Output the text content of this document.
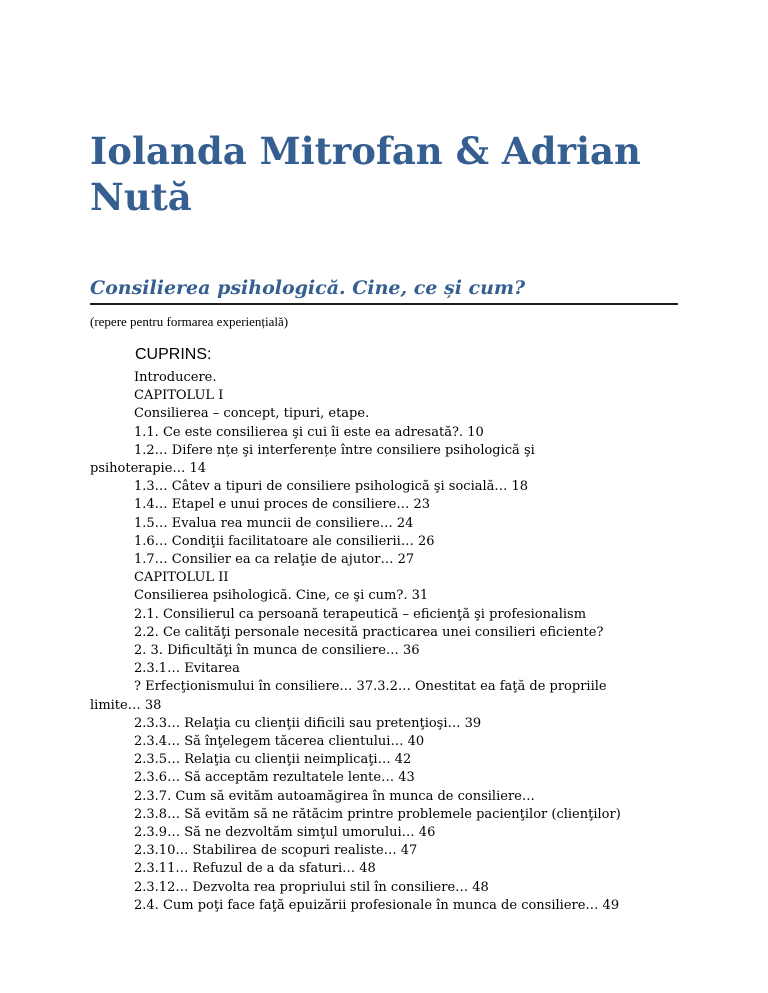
Iolanda Mitrofan & Adrian
Nută
Consilierea psihologică. Cine, ce și cum?
(repere pentru formarea experiențială)
CUPRINS:
Introducere.
CAPITOLUL I
Consilierea – concept, tipuri, etape.
1.1. Ce este consilierea şi cui îi este ea adresată?. 10
1.2… Difere nțe şi interferențe între consiliere psihologică şi
psihoterapie… 14
1.3… Câtev a tipuri de consiliere psihologică şi socială… 18
1.4… Etapel e unui proces de consiliere… 23
1.5… Evalua rea muncii de consiliere… 24
1.6… Condiţii facilitatoare ale consilierii… 26
1.7… Consilier ea ca relaţie de ajutor… 27
CAPITOLUL II
Consilierea psihologică. Cine, ce şi cum?. 31
2.1. Consilierul ca persoană terapeutică – eficienţă şi profesionalism
2.2. Ce calităţi personale necesită practicarea unei consilieri eficiente?
2. 3. Dificultăţi în munca de consiliere… 36
2.3.1… Evitarea
? Erfecţionismului în consiliere… 37.3.2… Onestitat ea faţă de propriile
limite… 38
2.3.3… Relaţia cu clienţii dificili sau pretenţioşi… 39
2.3.4… Să înţelegem tăcerea clientului… 40
2.3.5… Relaţia cu clienţii neimplicaţi… 42
2.3.6… Să acceptăm rezultatele lente… 43
2.3.7. Cum să evităm autoamăgirea în munca de consiliere…
2.3.8… Să evităm să ne rătăcim printre problemele pacienţilor (clienţilor)
2.3.9… Să ne dezvoltăm simţul umorului… 46
2.3.10… Stabilirea de scopuri realiste… 47
2.3.11… Refuzul de a da sfaturi… 48
2.3.12… Dezvolta rea propriului stil în consiliere… 48
2.4. Cum poţi face faţă epuizării profesionale în munca de consiliere… 49
